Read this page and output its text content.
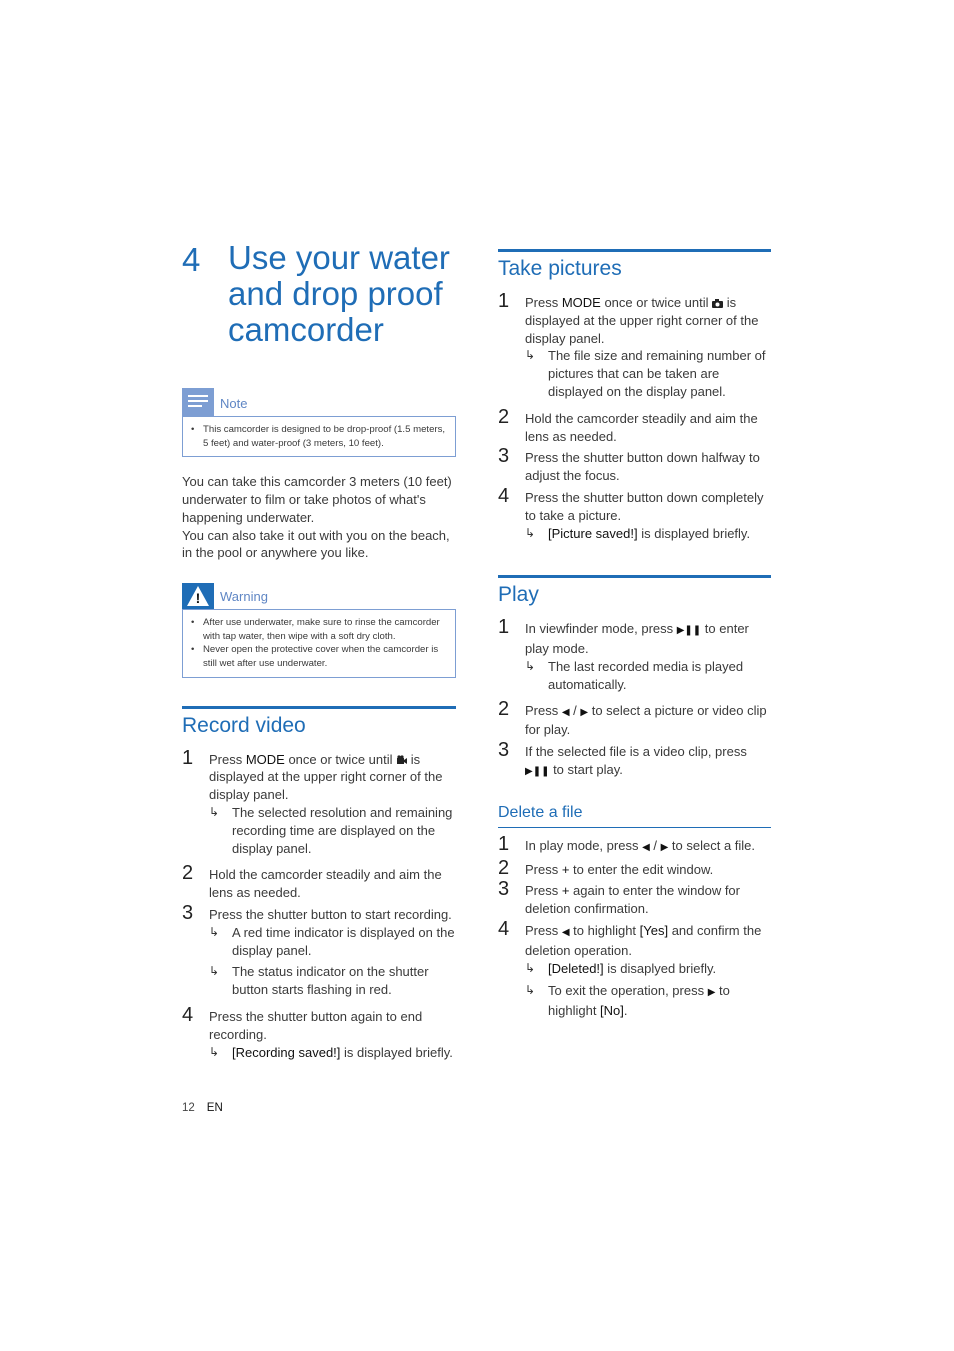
4 Use your water
and drop proof
camcorder
Note
• This camcorder is designed to be drop-proof (1.5 meters, 5 feet) and water-proof (3 meters, 10 feet).
You can take this camcorder 3 meters (10 feet) underwater to film or take photos of what's happening underwater.
You can also take it out with you on the beach, in the pool or anywhere you like.
!	Warning
• After use underwater, make sure to rinse the camcorder with tap water, then wipe with a soft dry cloth.
• Never open the protective cover when the camcorder is still wet after use underwater.
Record video
1	Press MODE once or twice until  is displayed at the upper right corner of the display panel.
↳ The selected resolution and remaining recording time are displayed on the display panel.
2	Hold the camcorder steadily and aim the lens as needed.
3	Press the shutter button to start recording.
↳ A red time indicator is displayed on the display panel.
↳ The status indicator on the shutter button starts flashing in red.
4	Press the shutter button again to end recording.
↳ [Recording saved!] is displayed briefly.
Take pictures
1	Press MODE once or twice until  is displayed at the upper right corner of the display panel.
↳ The file size and remaining number of pictures that can be taken are displayed on the display panel.
2	Hold the camcorder steadily and aim the lens as needed.
3	Press the shutter button down halfway to adjust the focus.
4	Press the shutter button down completely to take a picture.
↳ [Picture saved!] is displayed briefly.
Play
1	In viewfinder mode, press ▶❚❚ to enter play mode.
↳ The last recorded media is played automatically.
2	Press ◀ / ▶ to select a picture or video clip for play.
3	If the selected file is a video clip, press ▶❚❚ to start play.
Delete a file
1	In play mode, press ◀ / ▶ to select a file.
2	Press + to enter the edit window.
3	Press + again to enter the window for deletion confirmation.
4	Press ◀ to highlight [Yes] and confirm the deletion operation.
↳ [Deleted!] is disaplyed briefly.
↳ To exit the operation, press ▶ to highlight [No].
12 EN
